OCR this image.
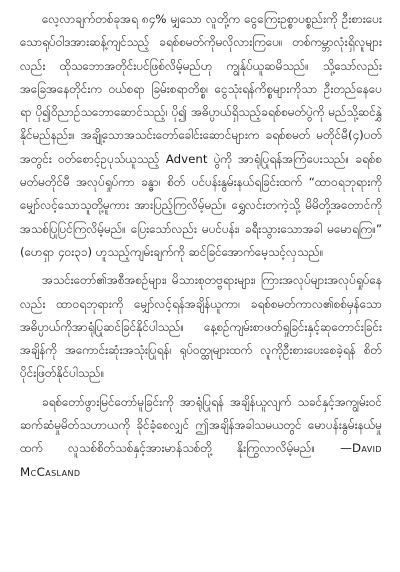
လေ့လာချက်တစ်ခုအရ ၈၄% မျှသော လူတို့က ငွေကြေးဥစ္စာပစ္စည်းကို ဦးစားပေးသောရုပ်ဝါဒအားဆန့်ကျင်သည့် ခရစ်စမတ်ကိုမလိုလားကြပေ။ တစ်ကမ္ဘာလုံးရှိလူများလည်း ထိုသဘောအတိုင်းပင်ဖြစ်လိမ့်မည်ဟု ကျွန်ုပ်ယူဆမိသည်။ သို့သော်လည်း အခြေအနေတိုင်းက ဝယ်စရာ ခြမ်းစရာတိစ္စ၊ ငွေသုံးရန်ကိစ္စများကိုသာ ဦးတည်နေပေရာ ပို၍ဝိညာဉ်သဘောဆောင်သည့်၊ ပို၍ အဓိပ္ပာယ်ရှိသည့်ခရစ်စမတ်ပွဲကို မည်သို့ဆင်နွှဲနိုင်မည်နည်း။ အချို့သောအသင်းတော်ခေါင်းဆောင်များက ခရစ်စမတ် မတိုင်မီ(၄)ပတ်အတွင်း ဝတ်စောင့်ဥပုသ်ယူသည့် Advent ပွဲကို အာရုံပြုရန်အကြံပေးသည်။ ခရစ်စမတ်မတိုင်မီ အလုပ်ရှုပ်ကာ ခန္ဓာ၊ စိတ် ပင်ပန်းနွမ်းနယ်ရခြင်းထက် “ထာဝရဘုရားကို မျှော်လင့်သောသူတို့မူကား အားပြည့်ကြလိမ့်မည်။ ရွှေလင်းတကဲ့သို့ မိမိတို့အတောင်ကို အသစ်ပြုပြင်ကြလိမ့်မည်။ ပြေးသော်လည်း မပင်ပန်း၊ ခရီးသွားသောအခါ မမောရကြ။” (ဟေရှာ ၄၀း၃၁) ဟူသည့်ကျမ်းချက်ကို ဆင်ခြင်အောက်မေ့သင့်လှသည်။

အသင်းတော်၏အစီအစဉ်များ၊ မိသားစုတဗ္ဗရားများ၊ ကြားအလုပ်များအလုပ်ရှုပ်နေလည်း ထာဝရဘုရားကို မျှော်လင့်ရန်အချိန်ယူကာ၊ ခရစ်စမတ်ကာလ၏စစ်မှန်သော အဓိပ္ပာယ်ကိုအာရုံပြုဆင်ခြင်နိုင်ပါသည်။ နေ့စဉ်ကျမ်းစာဖတ်ရှုခြင်းနှင့်ဆုတောင်းခြင်းအချိန်ကို အကောင်းဆုံးအသုံးပြုရန်၊ ရုပ်ဝတ္ထုများထက် လူကိုဦးစားပေးစေခဲ့ရန် စိတ်ပိုင်းဖြတ်နိုင်ပါသည်။

ခရစ်တော်ဖွားမြင်တော်မူခြင်းကို အာရုံပြုရန် အချိန်ယူလျက် သခင်နှင့်အကျွမ်းဝင်ဆက်ဆံမှုမိတ်သဟာယကို ခိုင်ခံ့စေလျှင် ဤအချိန်အခါသမယတွင် မောပန်းနွမ်းနယ်မှုထက် လူသစ်စိတ်သစ်နှင့်အားမာန်သစ်တို့ နိုးကြွလာလိမ့်မည်။ —David McCasland
